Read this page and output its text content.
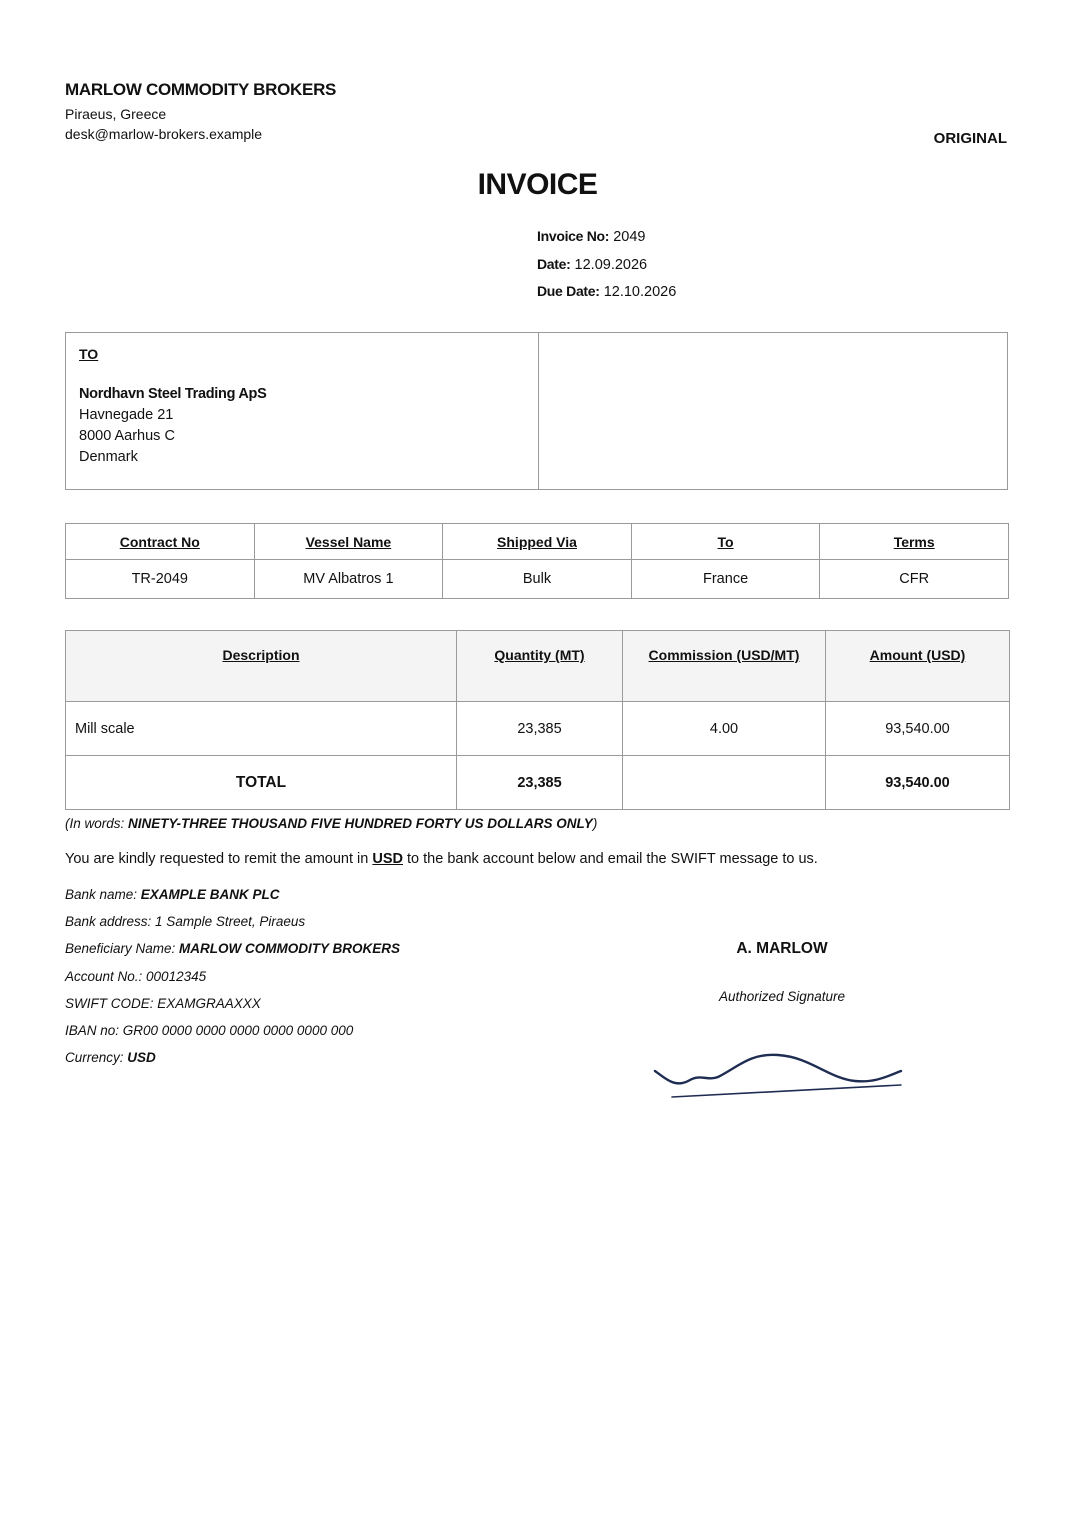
MARLOW COMMODITY BROKERS
Piraeus, Greece
desk@marlow-brokers.example	ORIGINAL
INVOICE
Invoice No: 2049
Date: 12.09.2026
Due Date: 12.10.2026
TO
Nordhavn Steel Trading ApS
Havnegade 21
8000 Aarhus C
Denmark
Contract No	Vessel Name	Shipped Via	To	Terms
TR-2049	MV Albatros 1	Bulk	France	CFR
Description	Quantity (MT)	Commission (USD/MT)	Amount (USD)
Mill scale	23,385	4.00	93,540.00
TOTAL	23,385		93,540.00
(In words: NINETY-THREE THOUSAND FIVE HUNDRED FORTY US DOLLARS ONLY)
You are kindly requested to remit the amount in USD to the bank account below and email the SWIFT message to us.
Bank name: EXAMPLE BANK PLC
Bank address: 1 Sample Street, Piraeus
Beneficiary Name: MARLOW COMMODITY BROKERS
Account No.: 00012345
SWIFT CODE: EXAMGRAAXXX
IBAN no: GR00 0000 0000 0000 0000 0000 000
Currency: USD
A. MARLOW
Authorized Signature
